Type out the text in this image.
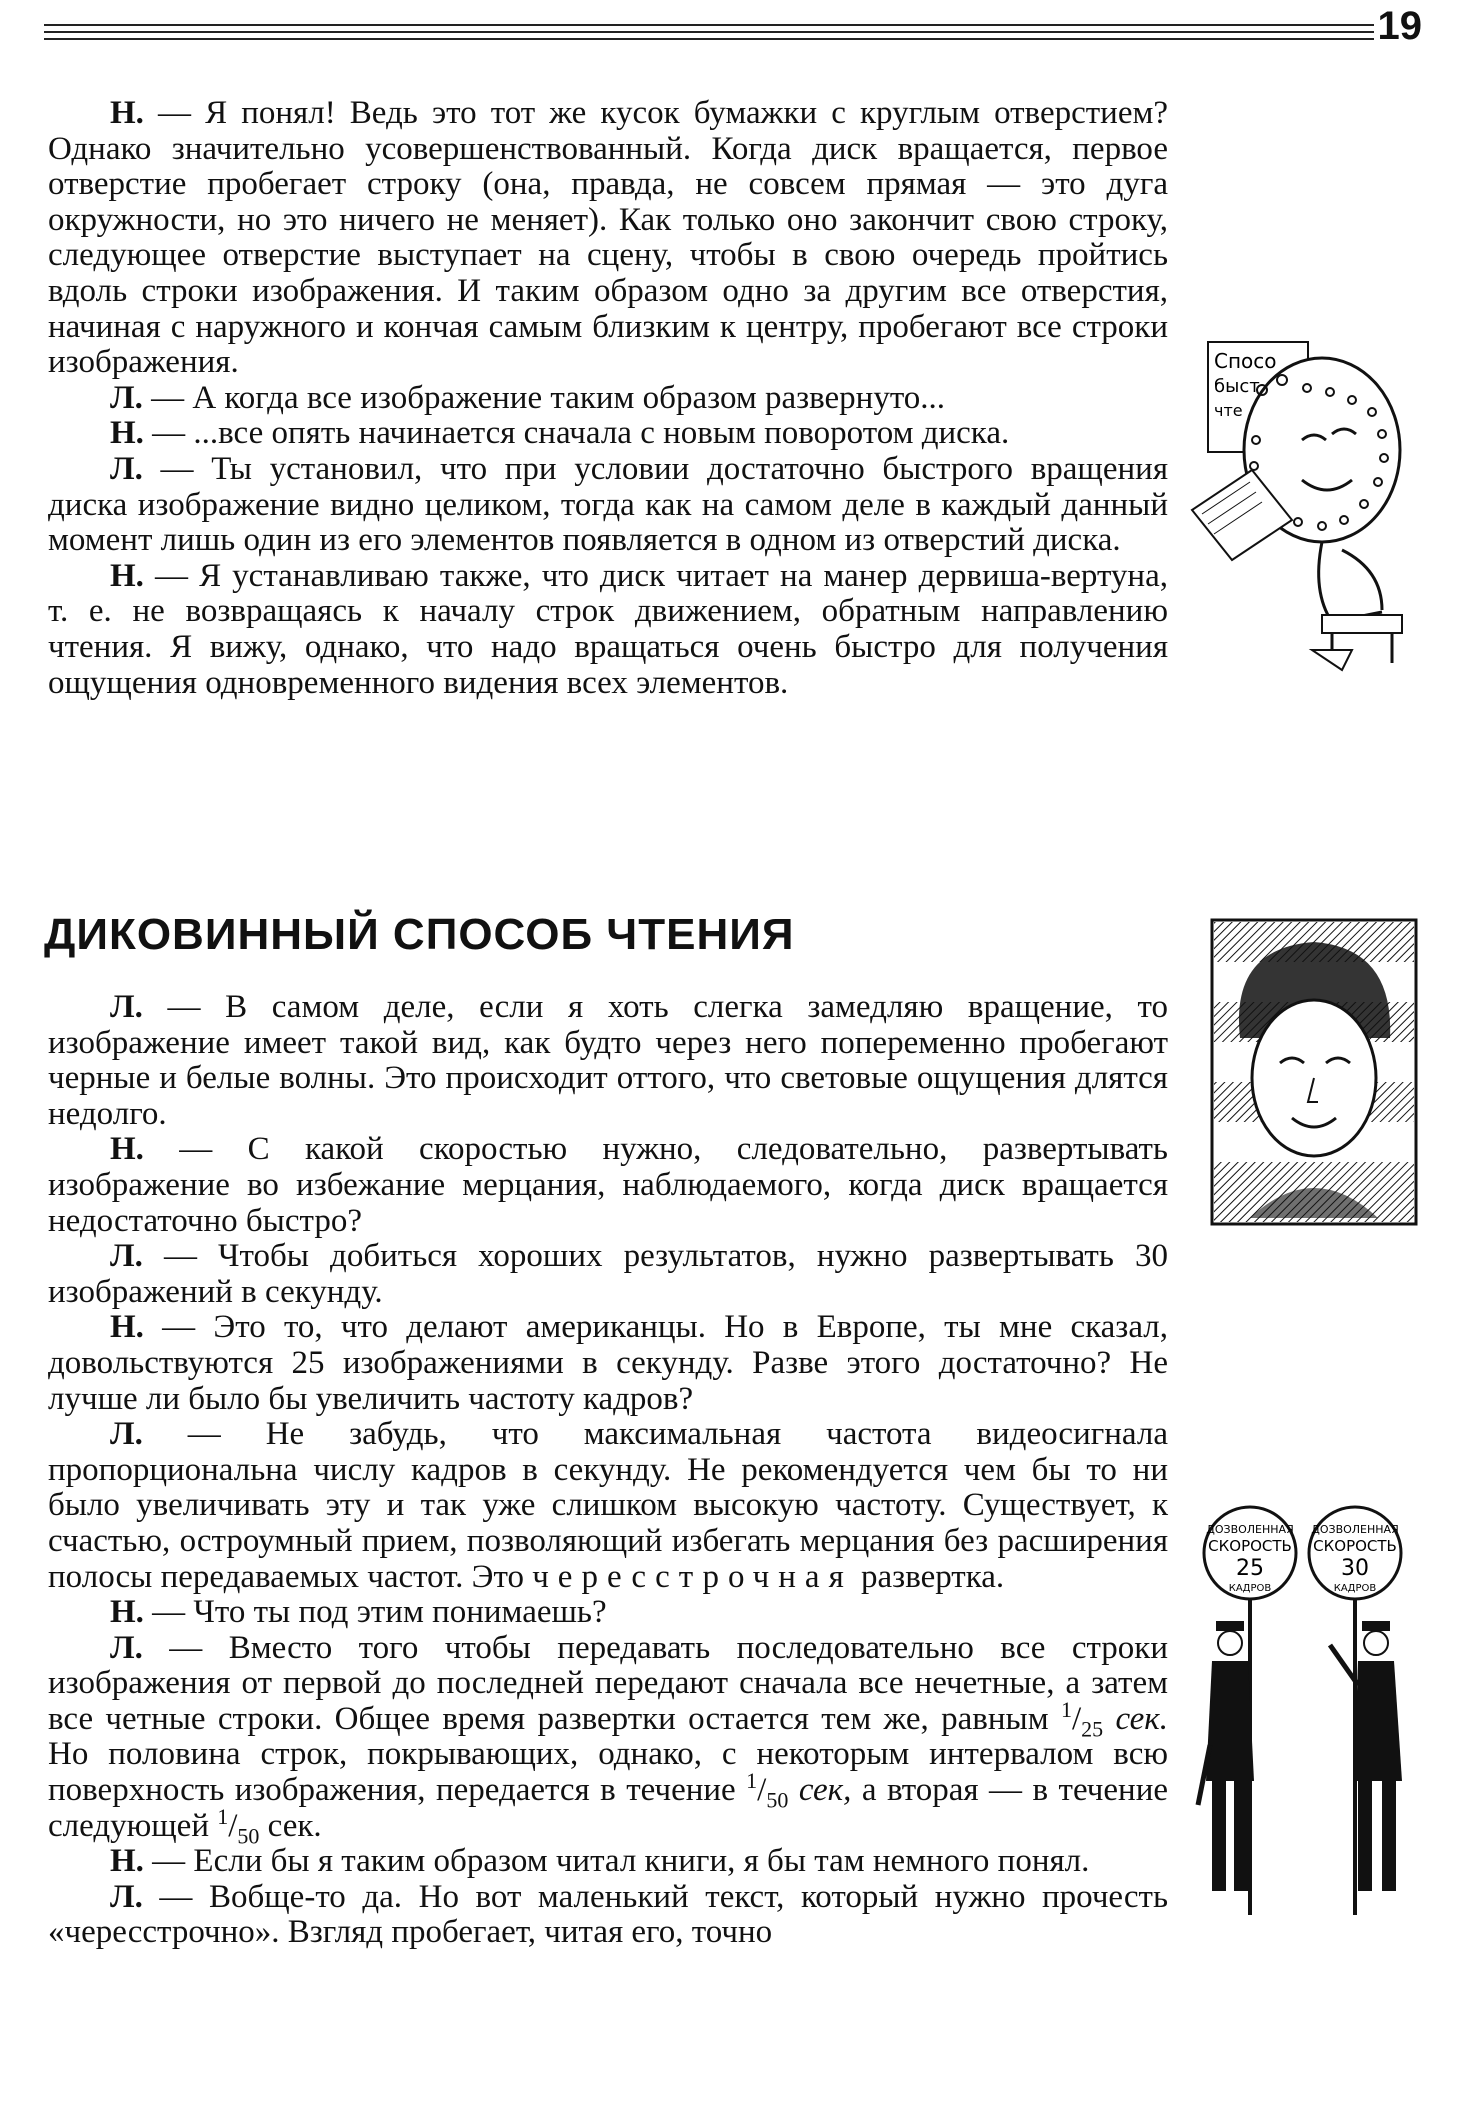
19

Н. — Я понял! Ведь это тот же кусок бумажки с круглым отверстием? Однако значительно усовершенствованный. Когда диск вращается, первое отверстие пробегает строку (она, правда, не совсем прямая — это дуга окружности, но это ничего не меняет). Как только оно закончит свою строку, следующее отверстие выступает на сцену, чтобы в свою очередь пройтись вдоль строки изображения. И таким образом одно за другим все отверстия, начиная с наружного и кончая самым близким к центру, пробегают все строки изображения.

Л. — А когда все изображение таким образом развернуто...

Н. — ...все опять начинается сначала с новым поворотом диска.

Л. — Ты установил, что при условии достаточно быстрого вращения диска изображение видно целиком, тогда как на самом деле в каждый данный момент лишь один из его элементов появляется в одном из отверстий диска.

Н. — Я устанавливаю также, что диск читает на манер дервиша-вертуна, т. е. не возвращаясь к началу строк движением, обратным направлению чтения. Я вижу, однако, что надо вращаться очень быстро для получения ощущения одновременного видения всех элементов.

ДИКОВИННЫЙ СПОСОБ ЧТЕНИЯ

Л. — В самом деле, если я хоть слегка замедляю вращение, то изображение имеет такой вид, как будто через него попеременно пробегают черные и белые волны. Это происходит оттого, что световые ощущения длятся недолго.

Н. — С какой скоростью нужно, следовательно, развертывать изображение во избежание мерцания, наблюдаемого, когда диск вращается недостаточно быстро?

Л. — Чтобы добиться хороших результатов, нужно развертывать 30 изображений в секунду.

Н. — Это то, что делают американцы. Но в Европе, ты мне сказал, довольствуются 25 изображениями в секунду. Разве этого достаточно? Не лучше ли было бы увеличить частоту кадров?

Л. — Не забудь, что максимальная частота видеосигнала пропорциональна числу кадров в секунду. Не рекомендуется чем бы то ни было увеличивать эту и так уже слишком высокую частоту. Существует, к счастью, остроумный прием, позволяющий избегать мерцания без расширения полосы передаваемых частот. Это чересстрочная развертка.

Н. — Что ты под этим понимаешь?

Л. — Вместо того чтобы передавать последовательно все строки изображения от первой до последней передают сначала все нечетные, а затем все четные строки. Общее время развертки остается тем же, равным $^1/_{25}$ сек. Но половина строк, покрывающих, однако, с некоторым интервалом всю поверхность изображения, передается в течение $^1/_{50}$ сек, а вторая — в течение следующей $^1/_{50}$ сек.

Н. — Если бы я таким образом читал книги, я бы там немного понял.

Л. — Вобще-то да. Но вот маленький текст, который нужно прочесть «чересстрочно». Взгляд пробегает, читая его, точно

Спосо
быст
чте
ДОЗВОЛЕННАЯ
СКОРОСТЬ
25
КАДРОВ
ДОЗВОЛЕННАЯ
СКОРОСТЬ
30
КАДРОВ
